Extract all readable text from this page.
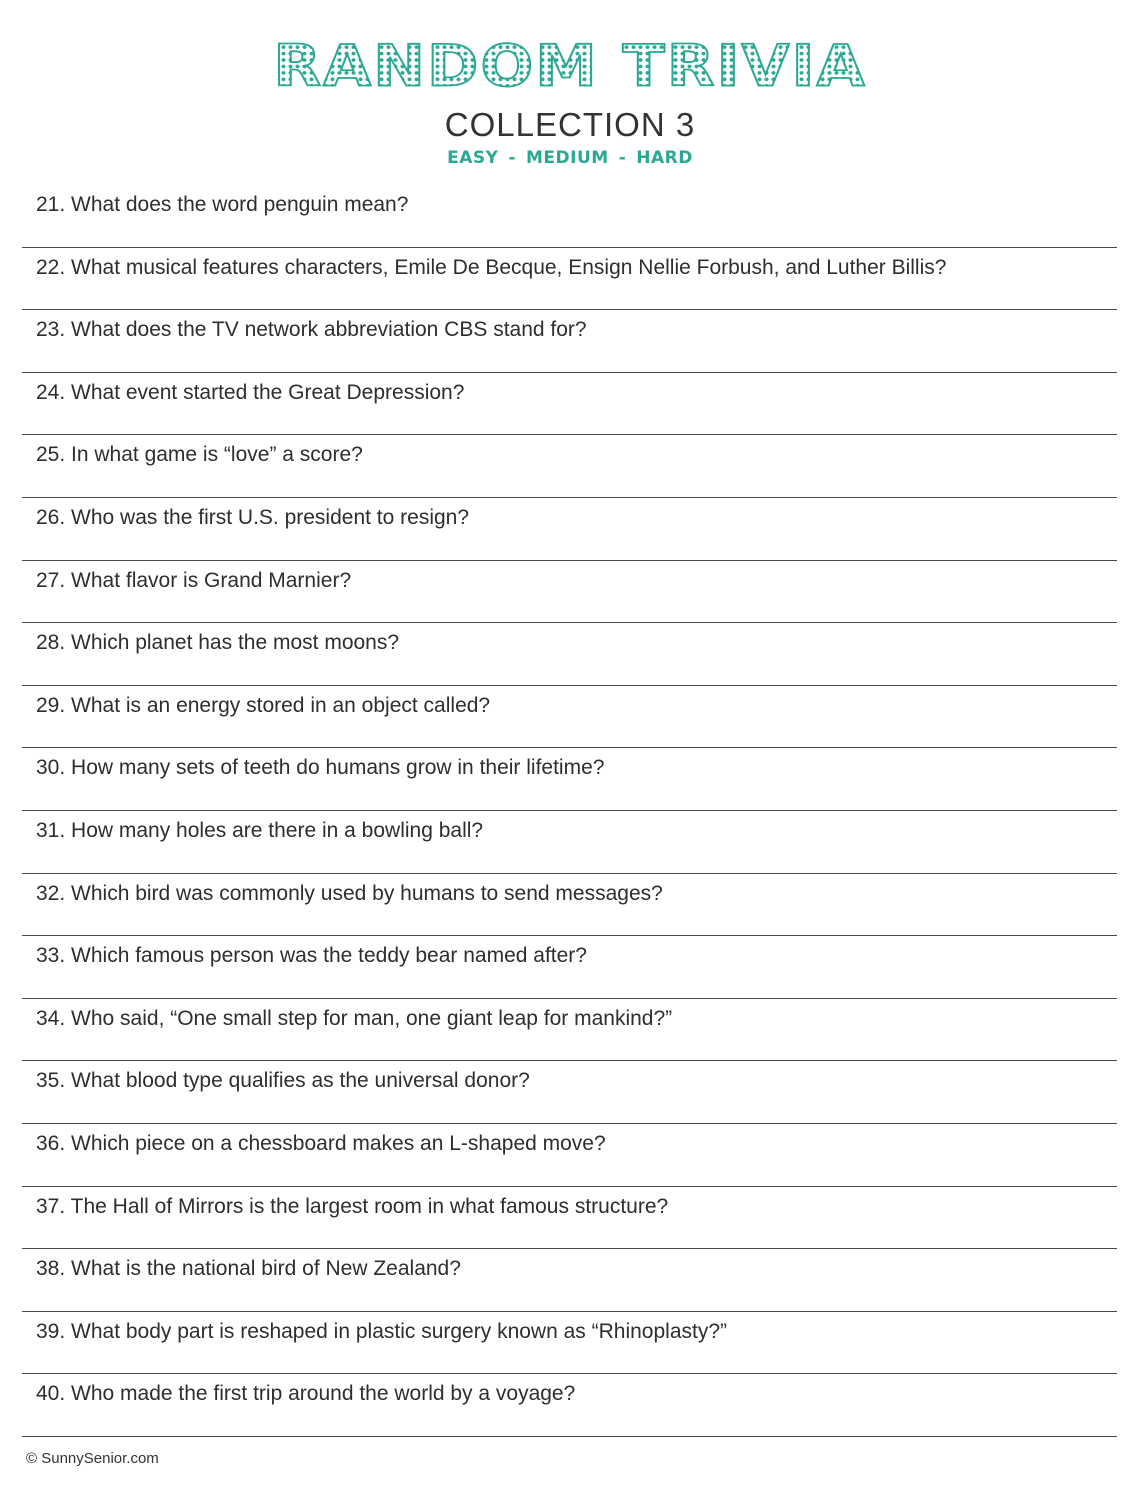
RANDOM TRIVIA
COLLECTION 3
EASY - MEDIUM - HARD
21. What does the word penguin mean?
22. What musical features characters, Emile De Becque, Ensign Nellie Forbush, and Luther Billis?
23. What does the TV network abbreviation CBS stand for?
24. What event started the Great Depression?
25. In what game is “love” a score?
26. Who was the first U.S. president to resign?
27. What flavor is Grand Marnier?
28. Which planet has the most moons?
29. What is an energy stored in an object called?
30. How many sets of teeth do humans grow in their lifetime?
31. How many holes are there in a bowling ball?
32. Which bird was commonly used by humans to send messages?
33. Which famous person was the teddy bear named after?
34. Who said, “One small step for man, one giant leap for mankind?”
35. What blood type qualifies as the universal donor?
36. Which piece on a chessboard makes an L-shaped move?
37. The Hall of Mirrors is the largest room in what famous structure?
38. What is the national bird of New Zealand?
39. What body part is reshaped in plastic surgery known as “Rhinoplasty?”
40. Who made the first trip around the world by a voyage?
© SunnySenior.com
